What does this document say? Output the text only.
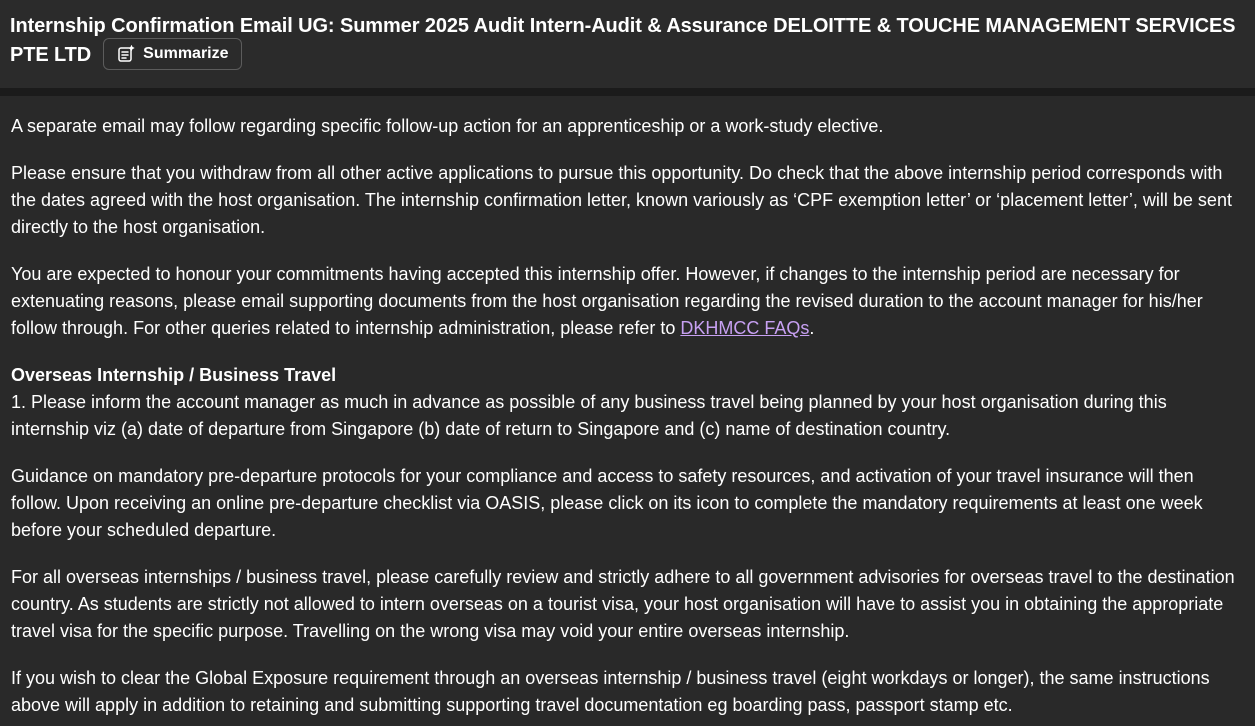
Internship Confirmation Email UG: Summer 2025 Audit Intern-Audit & Assurance DELOITTE & TOUCHE MANAGEMENT SERVICES PTE LTD	Summarize

A separate email may follow regarding specific follow-up action for an apprenticeship or a work-study elective.

Please ensure that you withdraw from all other active applications to pursue this opportunity. Do check that the above internship period corresponds with the dates agreed with the host organisation. The internship confirmation letter, known variously as ‘CPF exemption letter’ or ‘placement letter’, will be sent directly to the host organisation.

You are expected to honour your commitments having accepted this internship offer. However, if changes to the internship period are necessary for extenuating reasons, please email supporting documents from the host organisation regarding the revised duration to the account manager for his/her follow through. For other queries related to internship administration, please refer to DKHMCC FAQs.

Overseas Internship / Business Travel
1. Please inform the account manager as much in advance as possible of any business travel being planned by your host organisation during this internship viz (a) date of departure from Singapore (b) date of return to Singapore and (c) name of destination country.

Guidance on mandatory pre-departure protocols for your compliance and access to safety resources, and activation of your travel insurance will then follow. Upon receiving an online pre-departure checklist via OASIS, please click on its icon to complete the mandatory requirements at least one week before your scheduled departure.

For all overseas internships / business travel, please carefully review and strictly adhere to all government advisories for overseas travel to the destination country. As students are strictly not allowed to intern overseas on a tourist visa, your host organisation will have to assist you in obtaining the appropriate travel visa for the specific purpose. Travelling on the wrong visa may void your entire overseas internship.

If you wish to clear the Global Exposure requirement through an overseas internship / business travel (eight workdays or longer), the same instructions above will apply in addition to retaining and submitting supporting travel documentation eg boarding pass, passport stamp etc.
